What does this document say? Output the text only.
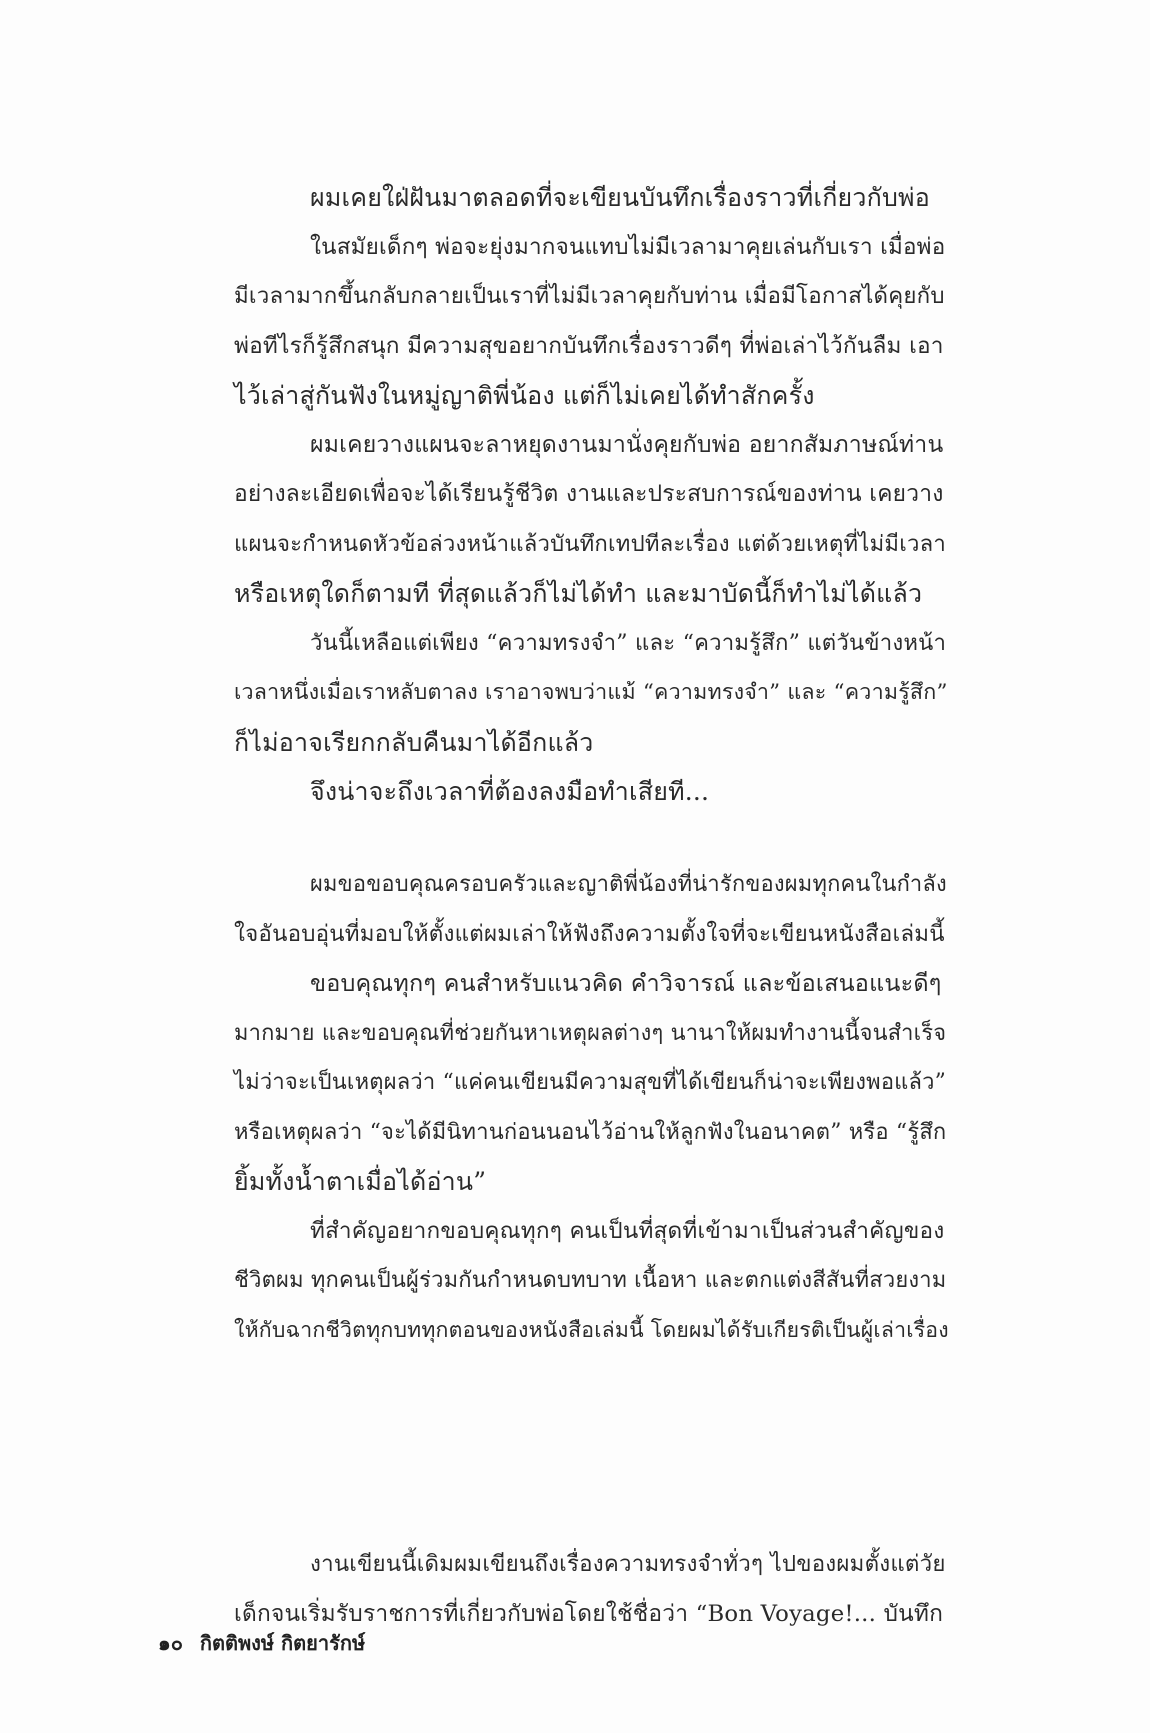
ผมเคยใฝ่ฝันมาตลอดที่จะเขียนบันทึกเรื่องราวที่เกี่ยวกับพ่อ
ในสมัยเด็กๆ พ่อจะยุ่งมากจนแทบไม่มีเวลามาคุยเล่นกับเรา เมื่อพ่อ
มีเวลามากขึ้นกลับกลายเป็นเราที่ไม่มีเวลาคุยกับท่าน เมื่อมีโอกาสได้คุยกับ
พ่อทีไรก็รู้สึกสนุก มีความสุขอยากบันทึกเรื่องราวดีๆ ที่พ่อเล่าไว้กันลืม เอา
ไว้เล่าสู่กันฟังในหมู่ญาติพี่น้อง แต่ก็ไม่เคยได้ทำสักครั้ง
ผมเคยวางแผนจะลาหยุดงานมานั่งคุยกับพ่อ อยากสัมภาษณ์ท่าน
อย่างละเอียดเพื่อจะได้เรียนรู้ชีวิต งานและประสบการณ์ของท่าน เคยวาง
แผนจะกำหนดหัวข้อล่วงหน้าแล้วบันทึกเทปทีละเรื่อง แต่ด้วยเหตุที่ไม่มีเวลา
หรือเหตุใดก็ตามที ที่สุดแล้วก็ไม่ได้ทำ และมาบัดนี้ก็ทำไม่ได้แล้ว
วันนี้เหลือแต่เพียง “ความทรงจำ” และ “ความรู้สึก” แต่วันข้างหน้า
เวลาหนึ่งเมื่อเราหลับตาลง เราอาจพบว่าแม้ “ความทรงจำ” และ “ความรู้สึก”
ก็ไม่อาจเรียกกลับคืนมาได้อีกแล้ว
จึงน่าจะถึงเวลาที่ต้องลงมือทำเสียที...
ผมขอขอบคุณครอบครัวและญาติพี่น้องที่น่ารักของผมทุกคนในกำลัง
ใจอันอบอุ่นที่มอบให้ตั้งแต่ผมเล่าให้ฟังถึงความตั้งใจที่จะเขียนหนังสือเล่มนี้
ขอบคุณทุกๆ คนสำหรับแนวคิด คำวิจารณ์ และข้อเสนอแนะดีๆ
มากมาย และขอบคุณที่ช่วยกันหาเหตุผลต่างๆ นานาให้ผมทำงานนี้จนสำเร็จ
ไม่ว่าจะเป็นเหตุผลว่า “แค่คนเขียนมีความสุขที่ได้เขียนก็น่าจะเพียงพอแล้ว”
หรือเหตุผลว่า “จะได้มีนิทานก่อนนอนไว้อ่านให้ลูกฟังในอนาคต” หรือ “รู้สึก
ยิ้มทั้งน้ำตาเมื่อได้อ่าน”
ที่สำคัญอยากขอบคุณทุกๆ คนเป็นที่สุดที่เข้ามาเป็นส่วนสำคัญของ
ชีวิตผม ทุกคนเป็นผู้ร่วมกันกำหนดบทบาท เนื้อหา และตกแต่งสีสันที่สวยงาม
ให้กับฉากชีวิตทุกบททุกตอนของหนังสือเล่มนี้ โดยผมได้รับเกียรติเป็นผู้เล่าเรื่อง
งานเขียนนี้เดิมผมเขียนถึงเรื่องความทรงจำทั่วๆ ไปของผมตั้งแต่วัย
เด็กจนเริ่มรับราชการที่เกี่ยวกับพ่อโดยใช้ชื่อว่า “Bon Voyage!... บันทึก
๑๐ กิตติพงษ์ กิตยารักษ์
